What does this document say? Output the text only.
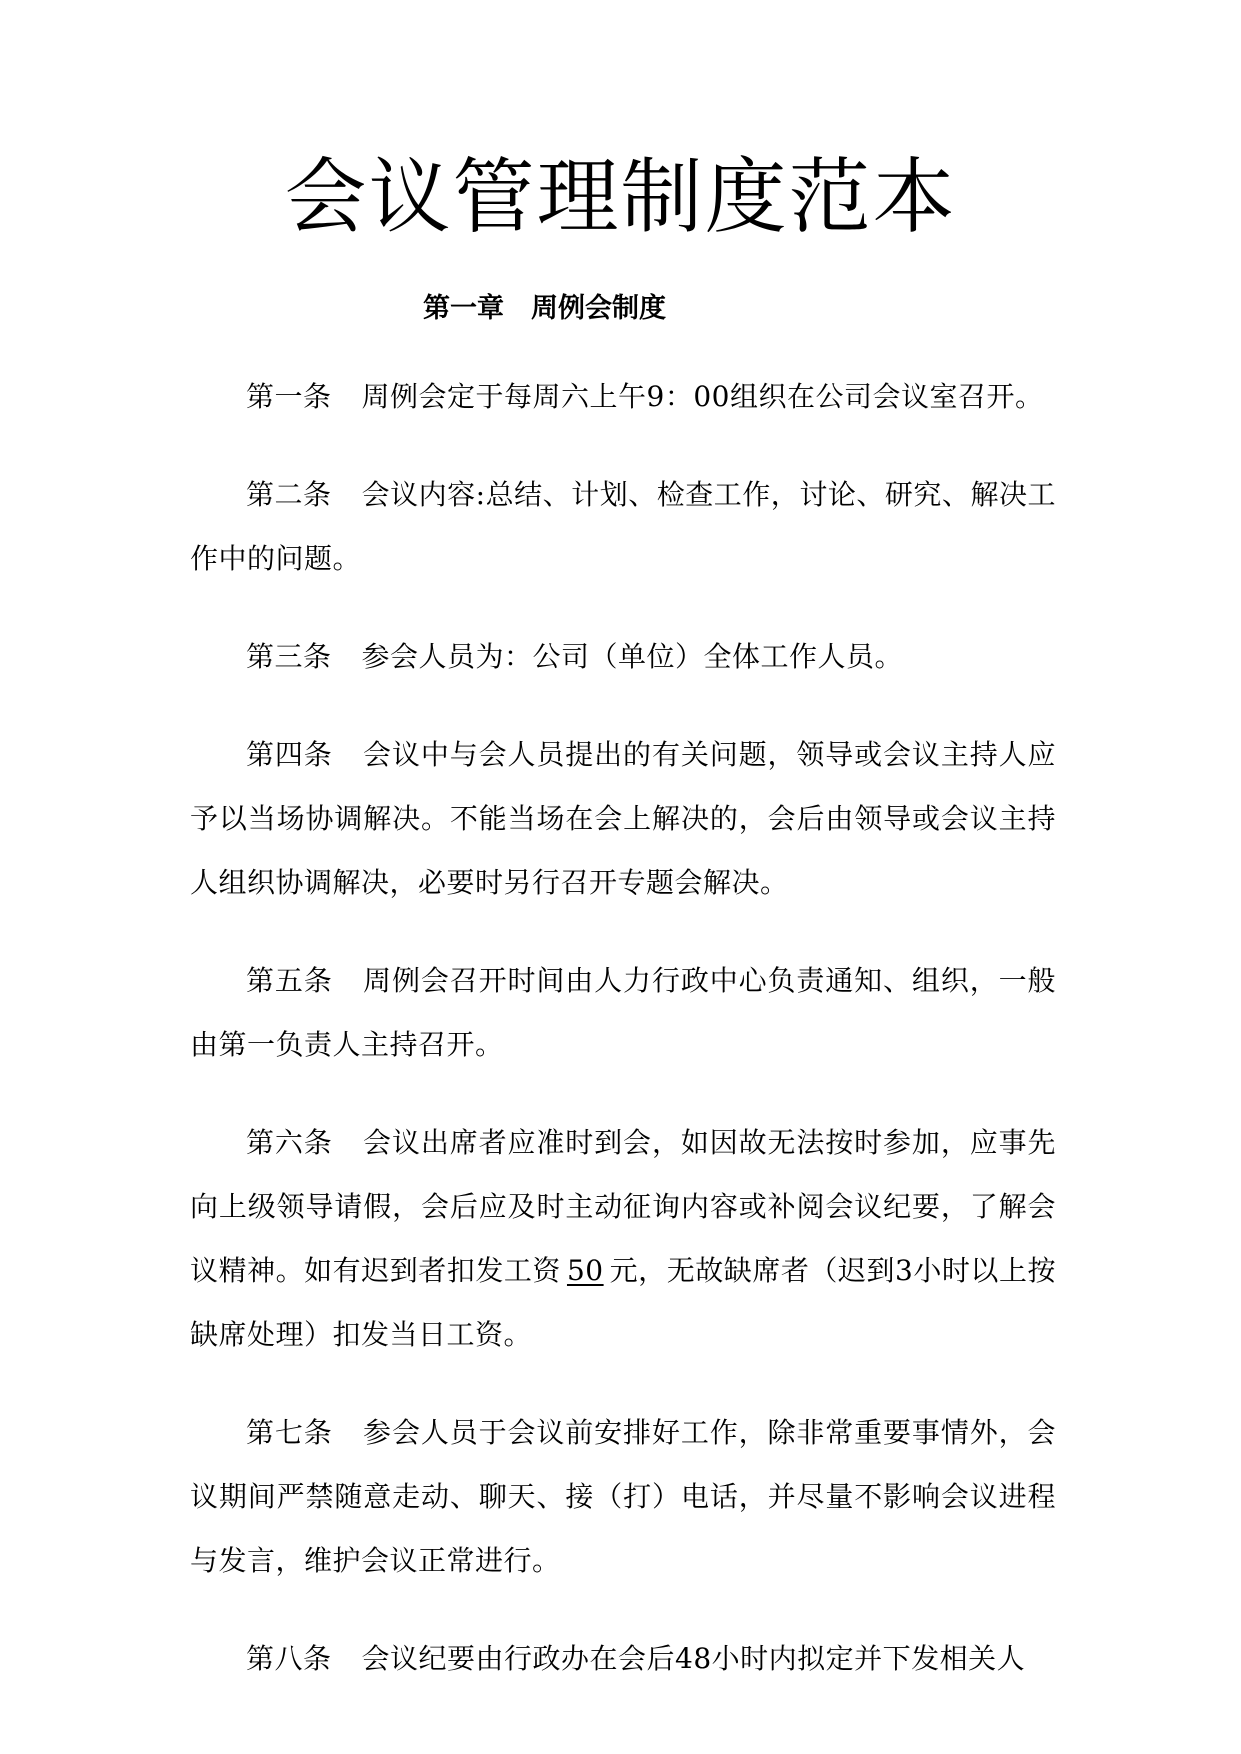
会议管理制度范本
第一章　周例会制度

第一条 周例会定于每周六上午9：00组织在公司会议室召开。

第二条 会议内容:总结、计划、检查工作，讨论、研究、解决工作中的问题。

第三条 参会人员为：公司（单位）全体工作人员。

第四条 会议中与会人员提出的有关问题，领导或会议主持人应予以当场协调解决。不能当场在会上解决的，会后由领导或会议主持人组织协调解决，必要时另行召开专题会解决。

第五条 周例会召开时间由人力行政中心负责通知、组织，一般由第一负责人主持召开。

第六条 会议出席者应准时到会，如因故无法按时参加，应事先向上级领导请假，会后应及时主动征询内容或补阅会议纪要，了解会议精神。如有迟到者扣发工资 50 元，无故缺席者（迟到3小时以上按缺席处理）扣发当日工资。

第七条 参会人员于会议前安排好工作，除非常重要事情外，会议期间严禁随意走动、聊天、接（打）电话，并尽量不影响会议进程与发言，维护会议正常进行。

第八条 会议纪要由行政办在会后48小时内拟定并下发相关人
